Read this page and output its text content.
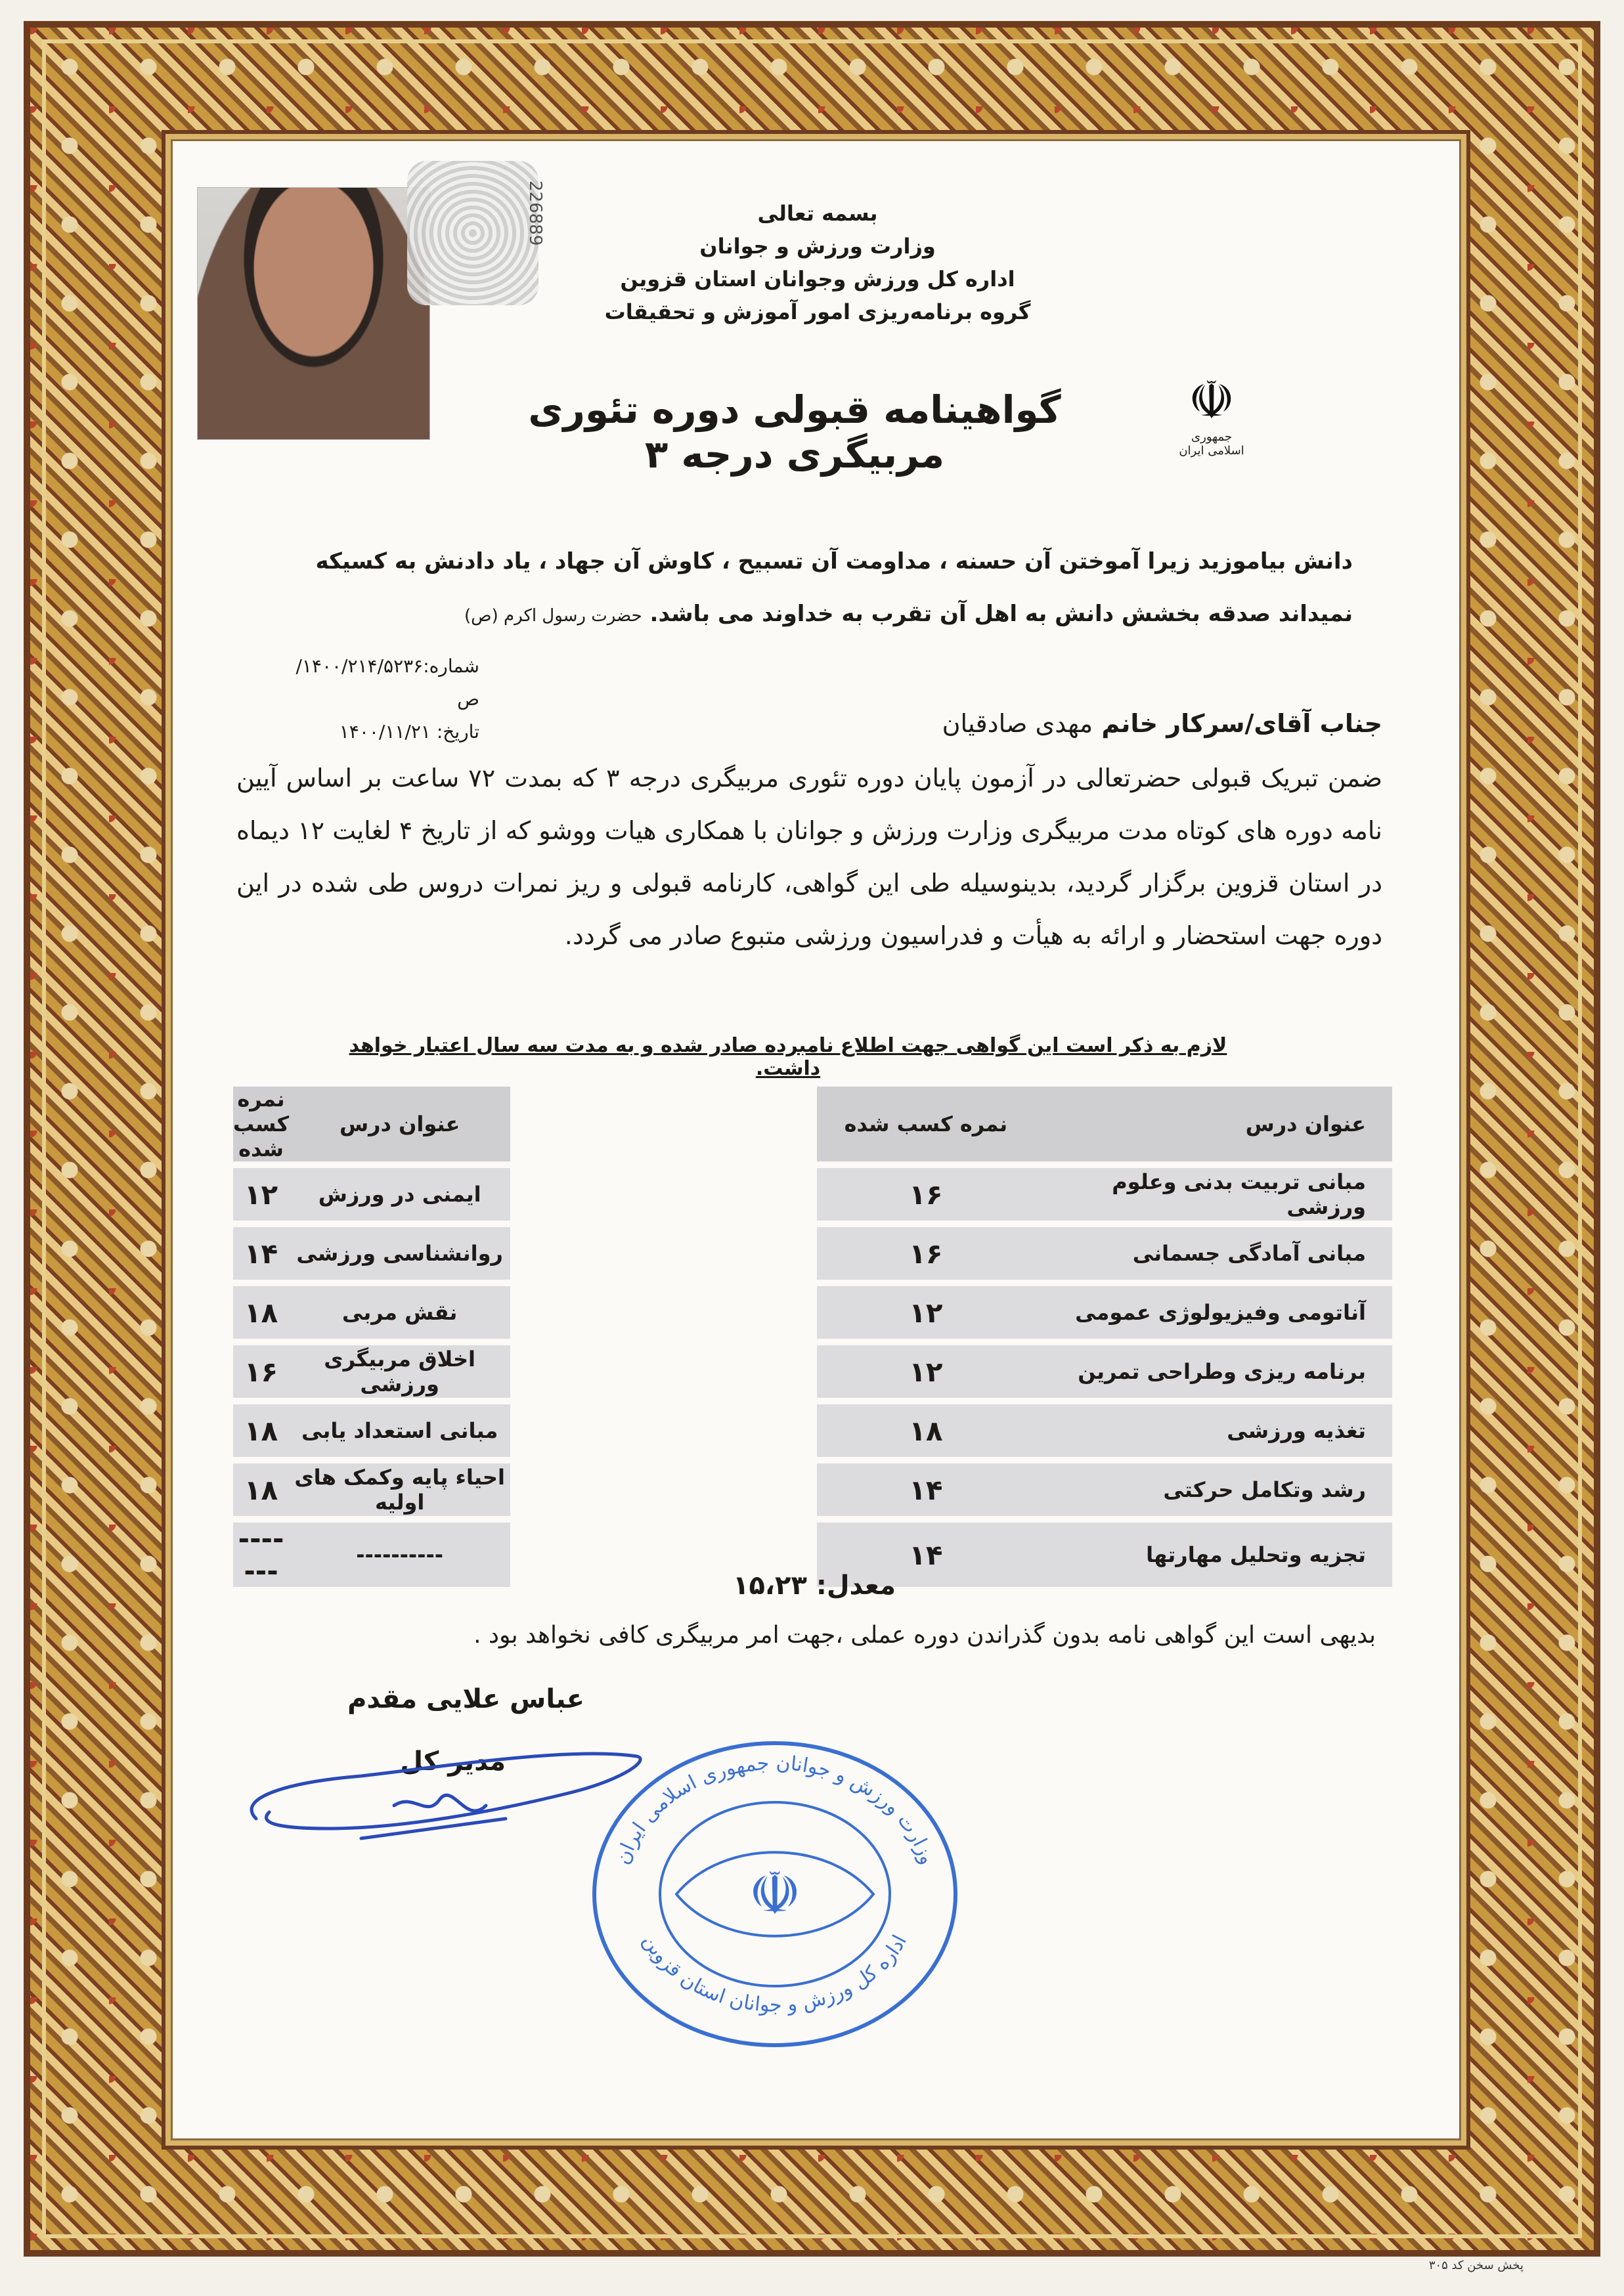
226889	بسمه تعالی
وزارت ورزش و جوانان
اداره کل ورزش وجوانان استان قزوین
گروه برنامه‌ریزی امور آموزش و تحقیقات
گواهینامه قبولی دوره تئوری مربیگری درجه ۳
☫
جمهوری اسلامی ایران
دانش بیاموزید زیرا آموختن آن حسنه ، مداومت آن تسبیح ، کاوش آن جهاد ، یاد دادنش به کسیکه نمیداند صدقه بخشش دانش به اهل آن تقرب به خداوند می باشد. حضرت رسول اکرم (ص)
شماره:۱۴۰۰/۲۱۴/۵۲۳۶/ص
تاریخ: ۱۴۰۰/۱۱/۲۱	جناب آقای/سرکار خانم مهدی صادقیان
ضمن تبریک قبولی حضرتعالی در آزمون پایان دوره تئوری مربیگری درجه ۳ که بمدت ۷۲ ساعت بر اساس آیین نامه دوره های کوتاه مدت مربیگری وزارت ورزش و جوانان با همکاری هیات ووشو که از تاریخ ۴ لغایت ۱۲ دیماه در استان قزوین برگزار گردید، بدینوسیله طی این گواهی، کارنامه قبولی و ریز نمرات دروس طی شده در این دوره جهت استحضار و ارائه به هیأت و فدراسیون ورزشی متبوع صادر می گردد.
لازم به ذکر است این گواهی جهت اطلاع نامبرده صادر شده و به مدت سه سال اعتبار خواهد داشت.
عنوان درس	نمره کسب شده		عنوان درس	نمره کسب شده
مبانی تربیت بدنی وعلوم ورزشی	۱۶		ایمنی در ورزش	۱۲
مبانی آمادگی جسمانی	۱۶		روانشناسی ورزشی	۱۴
آناتومی وفیزیولوژی عمومی	۱۲		نقش مربی	۱۸
برنامه ریزی وطراحی تمرین	۱۲		اخلاق مربیگری ورزشی	۱۶
تغذیه ورزشی	۱۸		مبانی استعداد یابی	۱۸
رشد وتکامل حرکتی	۱۴		احیاء پایه وکمک های اولیه	۱۸
تجزیه وتحلیل مهارتها	۱۴		----------	-------	معدل: ۱۵،۲۳
بدیهی است این گواهی نامه بدون گذراندن دوره عملی ،جهت امر مربیگری کافی نخواهد بود .
عباس علایی مقدم
مدیر کل
☫
وزارت ورزش و جوانان جمهوری اسلامی ایران
اداره کل ورزش و جوانان استان قزوین
پخش سخن کد ۳۰۵
